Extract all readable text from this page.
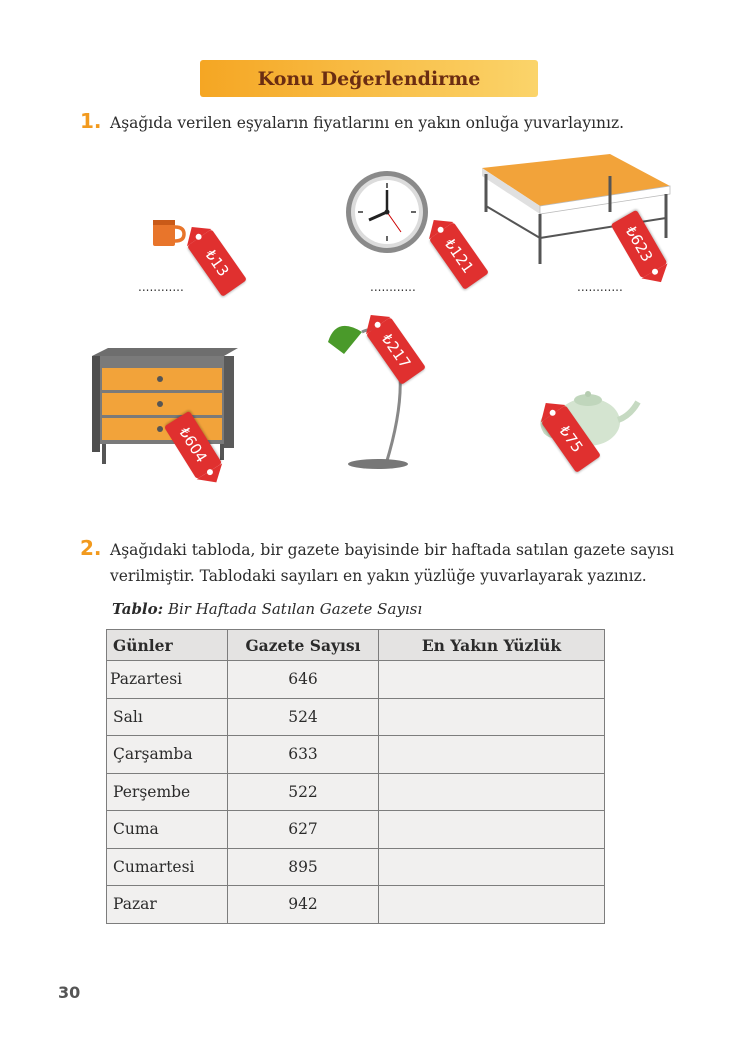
Konu Değerlendirme
1. Aşağıda verilen eşyaların fiyatlarını en yakın onluğa yuvarlayınız.
₺13	₺121	₺623
............	............	............
₺604
₺217
₺75
2. Aşağıdaki tabloda, bir gazete bayisinde bir haftada satılan gazete sayısı
verilmiştir. Tablodaki sayıları en yakın yüzlüğe yuvarlayarak yazınız.
Tablo: Bir Haftada Satılan Gazete Sayısı
Günler	Gazete Sayısı	En Yakın Yüzlük
Pazartesi	646	
Salı	524	
Çarşamba	633	
Perşembe	522	
Cuma	627	
Cumartesi	895	
Pazar	942	
30
